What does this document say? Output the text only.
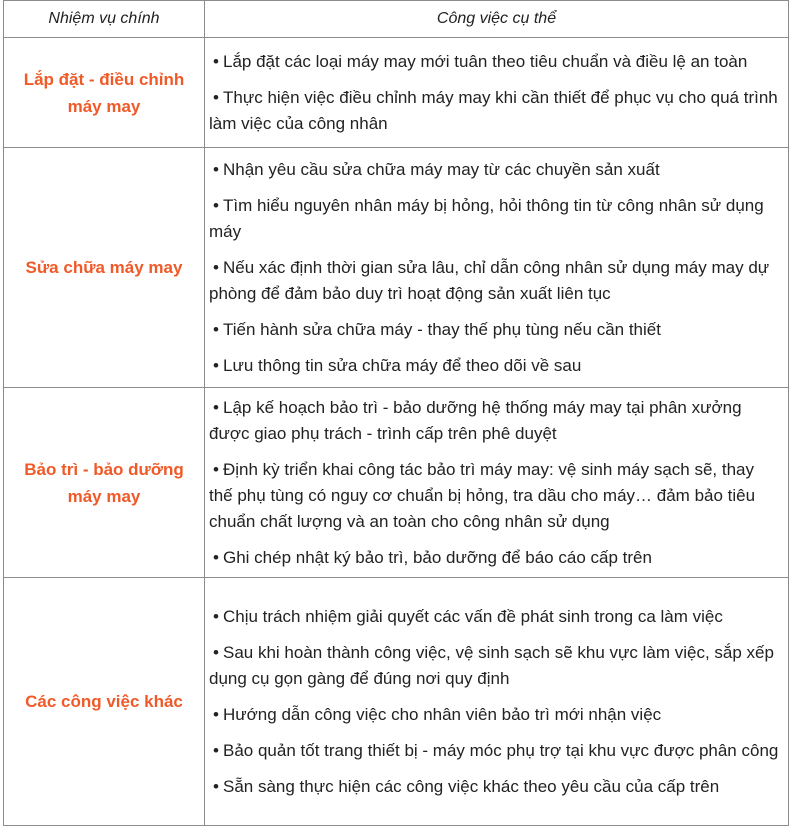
Nhiệm vụ chính	Công việc cụ thể
Lắp đặt - điều chỉnh máy may	• Lắp đặt các loại máy may mới tuân theo tiêu chuẩn và điều lệ an toàn
• Thực hiện việc điều chỉnh máy may khi cần thiết để phục vụ cho quá trình làm việc của công nhân

Sửa chữa máy may	• Nhận yêu cầu sửa chữa máy may từ các chuyền sản xuất
• Tìm hiểu nguyên nhân máy bị hỏng, hỏi thông tin từ công nhân sử dụng máy
• Nếu xác định thời gian sửa lâu, chỉ dẫn công nhân sử dụng máy may dự phòng để đảm bảo duy trì hoạt động sản xuất liên tục
• Tiến hành sửa chữa máy - thay thế phụ tùng nếu cần thiết
• Lưu thông tin sửa chữa máy để theo dõi về sau

Bảo trì - bảo dưỡng máy may	• Lập kế hoạch bảo trì - bảo dưỡng hệ thống máy may tại phân xưởng được giao phụ trách - trình cấp trên phê duyệt
• Định kỳ triển khai công tác bảo trì máy may: vệ sinh máy sạch sẽ, thay thế phụ tùng có nguy cơ chuẩn bị hỏng, tra dầu cho máy… đảm bảo tiêu chuẩn chất lượng và an toàn cho công nhân sử dụng
• Ghi chép nhật ký bảo trì, bảo dưỡng để báo cáo cấp trên

Các công việc khác	• Chịu trách nhiệm giải quyết các vấn đề phát sinh trong ca làm việc
• Sau khi hoàn thành công việc, vệ sinh sạch sẽ khu vực làm việc, sắp xếp dụng cụ gọn gàng để đúng nơi quy định
• Hướng dẫn công việc cho nhân viên bảo trì mới nhận việc
• Bảo quản tốt trang thiết bị - máy móc phụ trợ tại khu vực được phân công
• Sẵn sàng thực hiện các công việc khác theo yêu cầu của cấp trên
